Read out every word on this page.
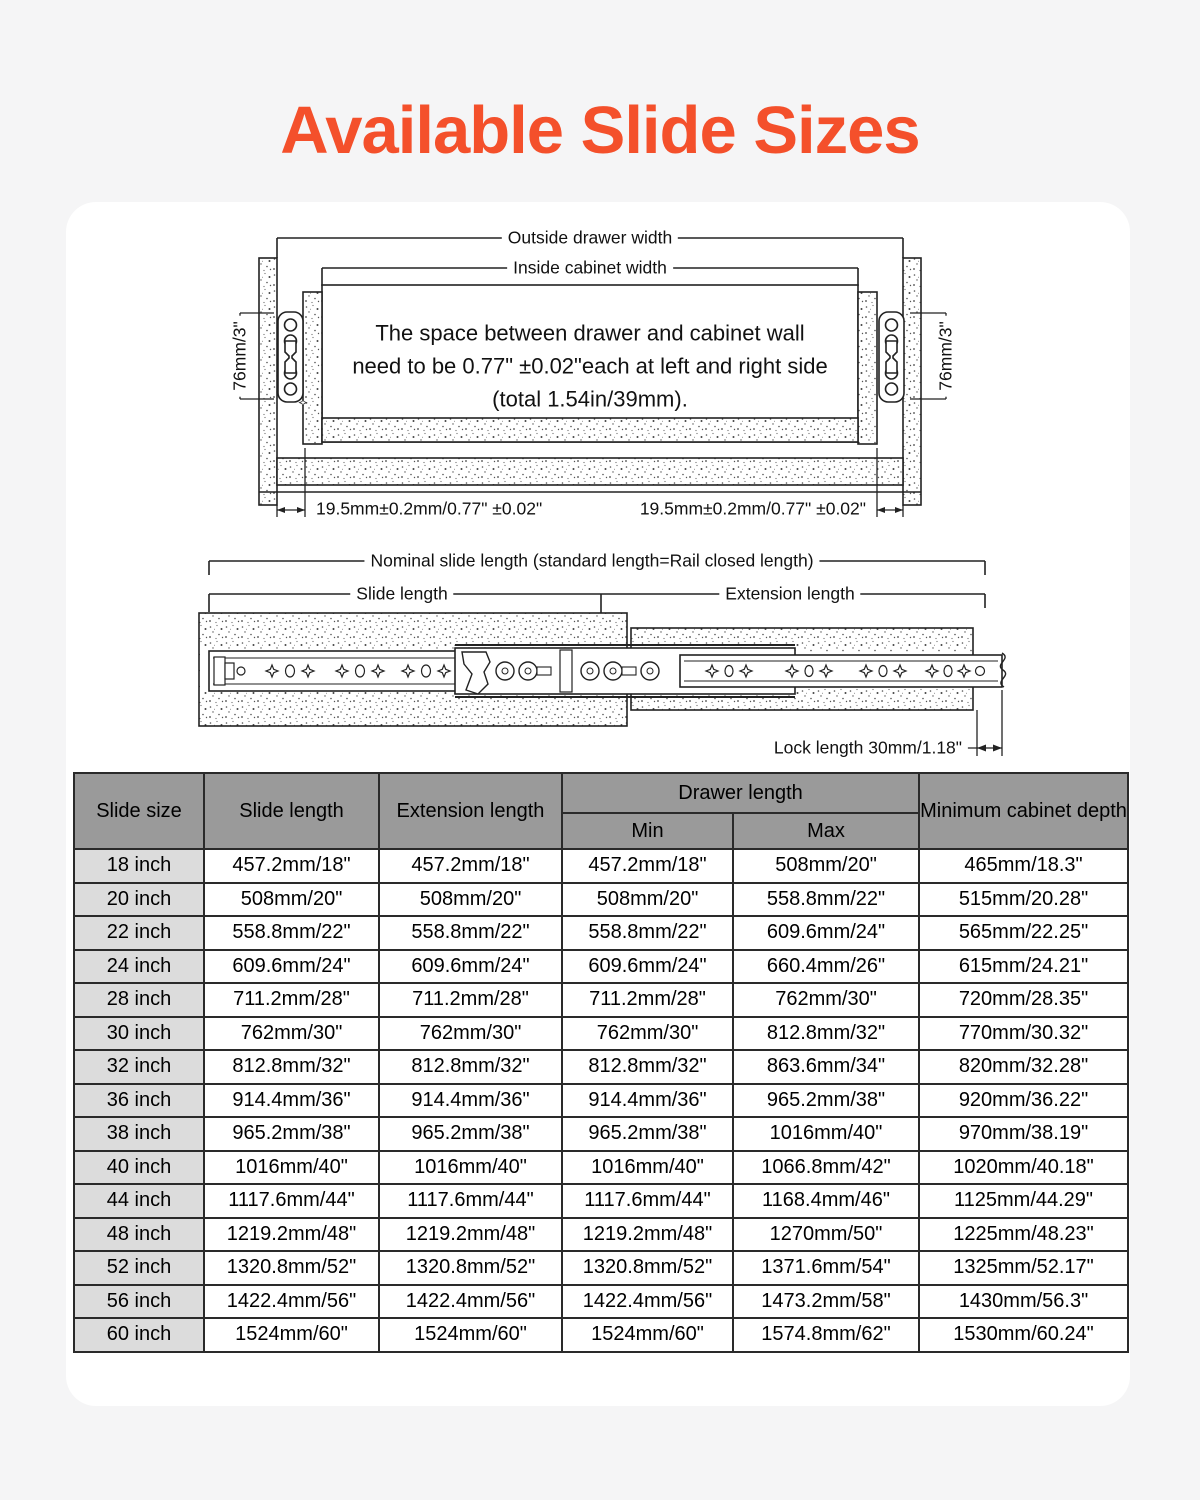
Available Slide Sizes
Outside drawer width
Inside cabinet width
The space between drawer and cabinet wall need to be 0.77" ±0.02"each at left and right side (total 1.54in/39mm).
76mm/3"	76mm/3"
19.5mm±0.2mm/0.77" ±0.02"	19.5mm±0.2mm/0.77" ±0.02"
Nominal slide length (standard length=Rail closed length)
Slide length	Extension length
Lock length 30mm/1.18"
Slide size	Slide length	Extension length	Drawer length		Minimum cabinet depth
			Min	Max	
18 inch	457.2mm/18"	457.2mm/18"	457.2mm/18"	508mm/20"	465mm/18.3"
20 inch	508mm/20"	508mm/20"	508mm/20"	558.8mm/22"	515mm/20.28"
22 inch	558.8mm/22"	558.8mm/22"	558.8mm/22"	609.6mm/24"	565mm/22.25"
24 inch	609.6mm/24"	609.6mm/24"	609.6mm/24"	660.4mm/26"	615mm/24.21"
28 inch	711.2mm/28"	711.2mm/28"	711.2mm/28"	762mm/30"	720mm/28.35"
30 inch	762mm/30"	762mm/30"	762mm/30"	812.8mm/32"	770mm/30.32"
32 inch	812.8mm/32"	812.8mm/32"	812.8mm/32"	863.6mm/34"	820mm/32.28"
36 inch	914.4mm/36"	914.4mm/36"	914.4mm/36"	965.2mm/38"	920mm/36.22"
38 inch	965.2mm/38"	965.2mm/38"	965.2mm/38"	1016mm/40"	970mm/38.19"
40 inch	1016mm/40"	1016mm/40"	1016mm/40"	1066.8mm/42"	1020mm/40.18"
44 inch	1117.6mm/44"	1117.6mm/44"	1117.6mm/44"	1168.4mm/46"	1125mm/44.29"
48 inch	1219.2mm/48"	1219.2mm/48"	1219.2mm/48"	1270mm/50"	1225mm/48.23"
52 inch	1320.8mm/52"	1320.8mm/52"	1320.8mm/52"	1371.6mm/54"	1325mm/52.17"
56 inch	1422.4mm/56"	1422.4mm/56"	1422.4mm/56"	1473.2mm/58"	1430mm/56.3"
60 inch	1524mm/60"	1524mm/60"	1524mm/60"	1574.8mm/62"	1530mm/60.24"
